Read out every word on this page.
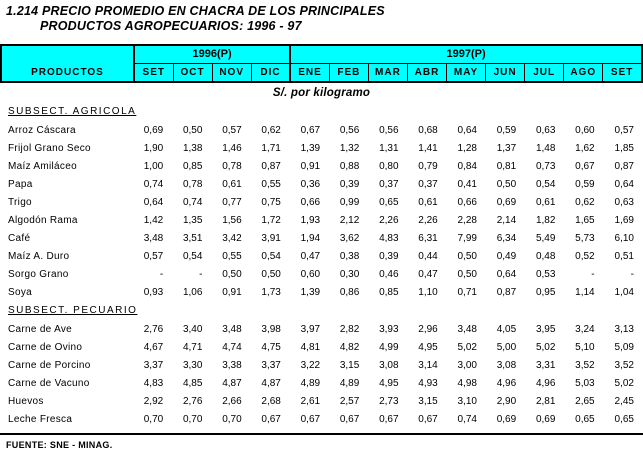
1.214 PRECIO PROMEDIO EN CHACRA DE LOS PRINCIPALES
PRODUCTOS AGROPECUARIOS: 1996 - 97
PRODUCTOS	1996(P)				1997(P)								
	SET	OCT	NOV	DIC	ENE	FEB	MAR	ABR	MAY	JUN	JUL	AGO	SET
S/. por kilogramo
SUBSECT. AGRICOLA													
Arroz Cáscara	0,69	0,50	0,57	0,62	0,67	0,56	0,56	0,68	0,64	0,59	0,63	0,60	0,57
Frijol Grano Seco	1,90	1,38	1,46	1,71	1,39	1,32	1,31	1,41	1,28	1,37	1,48	1,62	1,85
Maíz Amiláceo	1,00	0,85	0,78	0,87	0,91	0,88	0,80	0,79	0,84	0,81	0,73	0,67	0,87
Papa	0,74	0,78	0,61	0,55	0,36	0,39	0,37	0,37	0,41	0,50	0,54	0,59	0,64
Trigo	0,64	0,74	0,77	0,75	0,66	0,99	0,65	0,61	0,66	0,69	0,61	0,62	0,63
Algodón Rama	1,42	1,35	1,56	1,72	1,93	2,12	2,26	2,26	2,28	2,14	1,82	1,65	1,69
Café	3,48	3,51	3,42	3,91	1,94	3,62	4,83	6,31	7,99	6,34	5,49	5,73	6,10
Maíz A. Duro	0,57	0,54	0,55	0,54	0,47	0,38	0,39	0,44	0,50	0,49	0,48	0,52	0,51
Sorgo Grano	-	-	0,50	0,50	0,60	0,30	0,46	0,47	0,50	0,64	0,53	-	-
Soya	0,93	1,06	0,91	1,73	1,39	0,86	0,85	1,10	0,71	0,87	0,95	1,14	1,04
SUBSECT. PECUARIO													
Carne de Ave	2,76	3,40	3,48	3,98	3,97	2,82	3,93	2,96	3,48	4,05	3,95	3,24	3,13
Carne de Ovino	4,67	4,71	4,74	4,75	4,81	4,82	4,99	4,95	5,02	5,00	5,02	5,10	5,09
Carne de Porcino	3,37	3,30	3,38	3,37	3,22	3,15	3,08	3,14	3,00	3,08	3,31	3,52	3,52
Carne de Vacuno	4,83	4,85	4,87	4,87	4,89	4,89	4,95	4,93	4,98	4,96	4,96	5,03	5,02
Huevos	2,92	2,76	2,66	2,68	2,61	2,57	2,73	3,15	3,10	2,90	2,81	2,65	2,45
Leche Fresca	0,70	0,70	0,70	0,67	0,67	0,67	0,67	0,67	0,74	0,69	0,69	0,65	0,65
FUENTE: SNE - MINAG.
